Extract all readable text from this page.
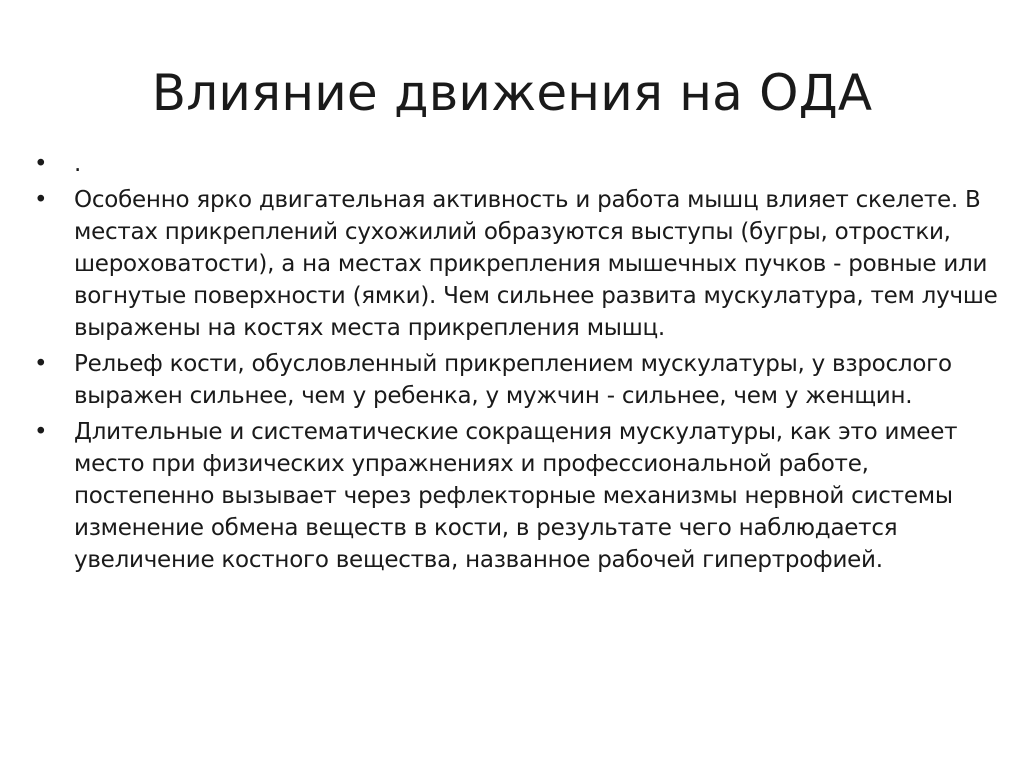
Влияние движения на ОДА
• .
• Особенно ярко двигательная активность и работа мышц влияет скелете. В местах прикреплений сухожилий образуются выступы (бугры, отростки, шероховатости), а на местах прикрепления мышечных пучков - ровные или вогнутые поверхности (ямки). Чем сильнее развита мускулатура, тем лучше выражены на костях места прикрепления мышц.
• Рельеф кости, обусловленный прикреплением мускулатуры, у взрослого выражен сильнее, чем у ребенка, у мужчин - сильнее, чем у женщин.
• Длительные и систематические сокращения мускулатуры, как это имеет место при физических упражнениях и профессиональной работе, постепенно вызывает через рефлекторные механизмы нервной системы изменение обмена веществ в кости, в результате чего наблюдается увеличение костного вещества, названное рабочей гипертрофией.
